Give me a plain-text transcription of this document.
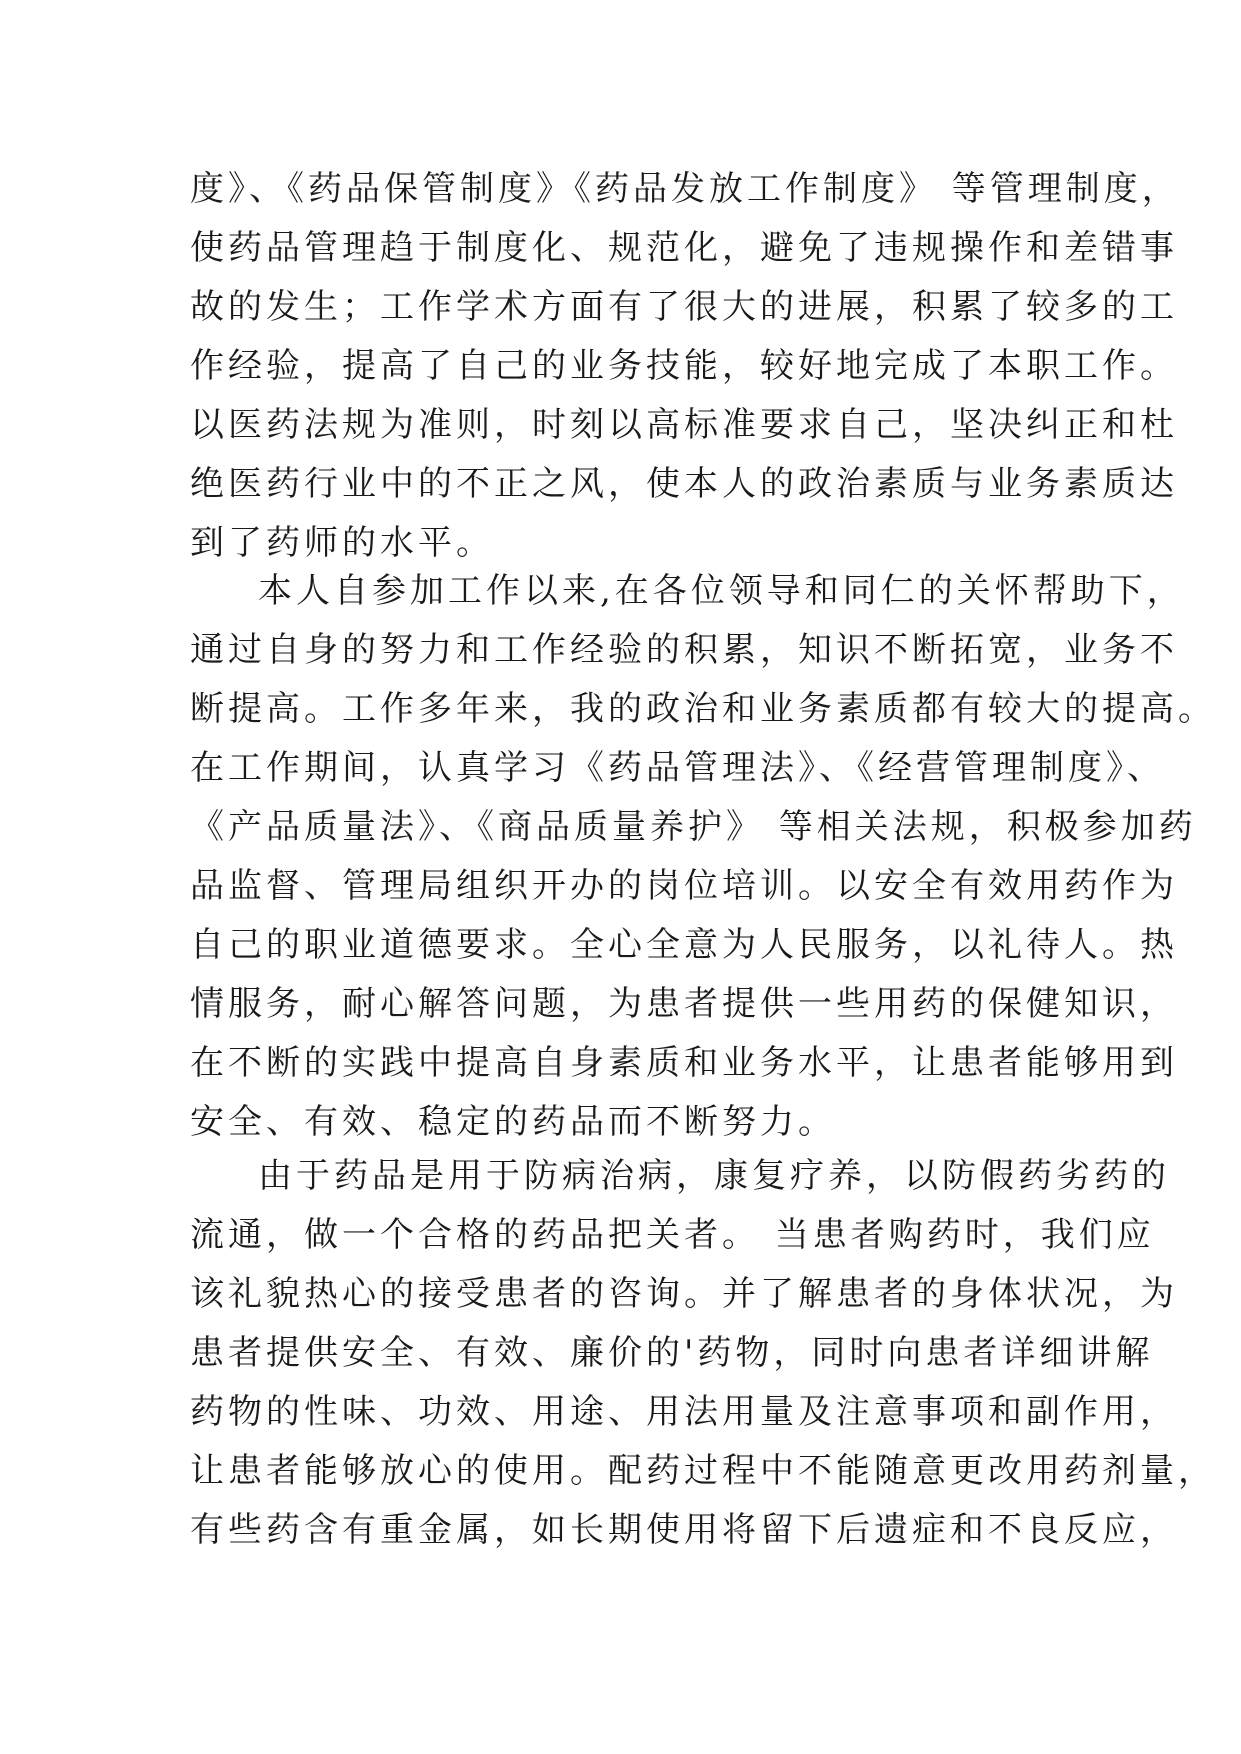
度》、《药品保管制度》《药品发放工作制度》 等管理制度，
使药品管理趋于制度化、规范化，避免了违规操作和差错事
故的发生；工作学术方面有了很大的进展，积累了较多的工
作经验，提高了自己的业务技能，较好地完成了本职工作。
以医药法规为准则，时刻以高标准要求自己，坚决纠正和杜
绝医药行业中的不正之风，使本人的政治素质与业务素质达
到了药师的水平。
本人自参加工作以来,在各位领导和同仁的关怀帮助下，
通过自身的努力和工作经验的积累，知识不断拓宽，业务不
断提高。工作多年来，我的政治和业务素质都有较大的提高。
在工作期间，认真学习《药品管理法》、《经营管理制度》、
《产品质量法》、《商品质量养护》 等相关法规，积极参加药
品监督、管理局组织开办的岗位培训。以安全有效用药作为
自己的职业道德要求。全心全意为人民服务，以礼待人。热
情服务，耐心解答问题，为患者提供一些用药的保健知识，
在不断的实践中提高自身素质和业务水平，让患者能够用到
安全、有效、稳定的药品而不断努力。
由于药品是用于防病治病，康复疗养，以防假药劣药的
流通，做一个合格的药品把关者。 当患者购药时，我们应
该礼貌热心的接受患者的咨询。并了解患者的身体状况，为
患者提供安全、有效、廉价的'药物，同时向患者详细讲解
药物的性味、功效、用途、用法用量及注意事项和副作用，
让患者能够放心的使用。配药过程中不能随意更改用药剂量，
有些药含有重金属，如长期使用将留下后遗症和不良反应，
